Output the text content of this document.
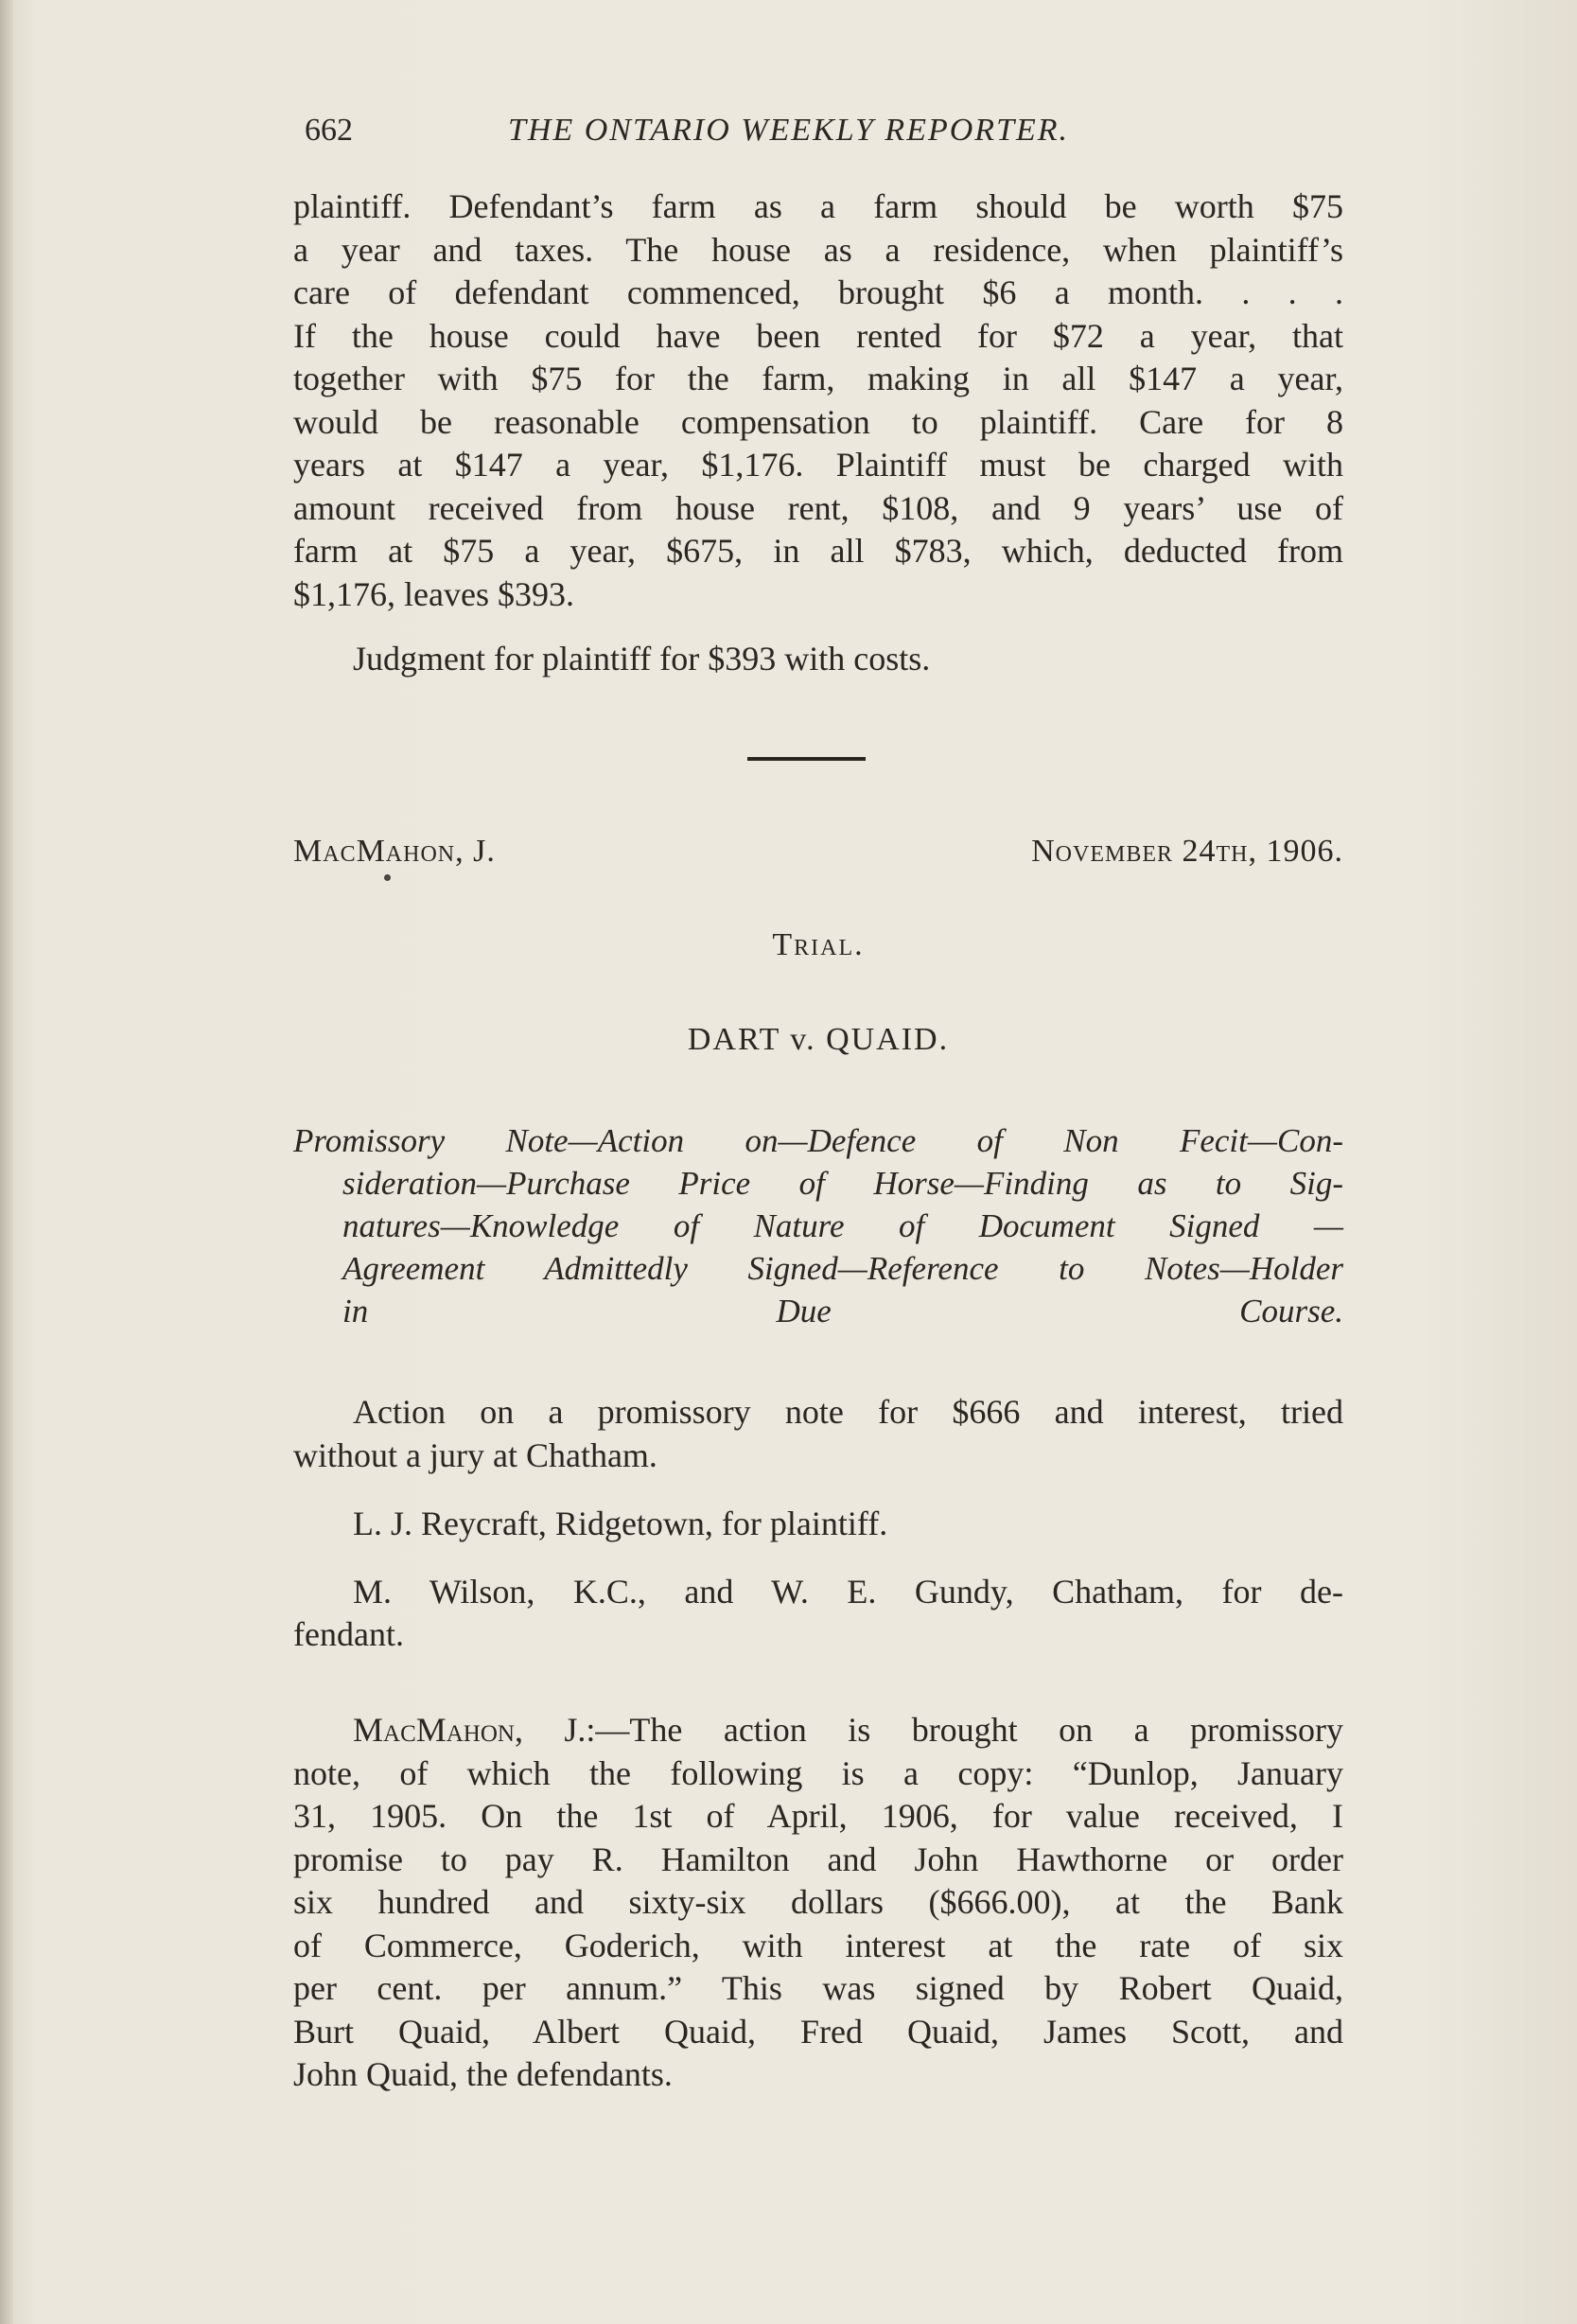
662	THE ONTARIO WEEKLY REPORTER.
plaintiff. Defendant’s farm as a farm should be worth $75
a year and taxes. The house as a residence, when plaintiff’s
care of defendant commenced, brought $6 a month. . . .
If the house could have been rented for $72 a year, that
together with $75 for the farm, making in all $147 a year,
would be reasonable compensation to plaintiff. Care for 8
years at $147 a year, $1,176. Plaintiff must be charged with
amount received from house rent, $108, and 9 years’ use of
farm at $75 a year, $675, in all $783, which, deducted from
$1,176, leaves $393.
Judgment for plaintiff for $393 with costs.
MacMahon, J.	November 24th, 1906.
Trial.
DART v. QUAID.
Promissory Note—Action on—Defence of Non Fecit—Con-
sideration—Purchase Price of Horse—Finding as to Sig-
natures—Knowledge of Nature of Document Signed —
Agreement Admittedly Signed—Reference to Notes—Holder
in Due Course.
Action on a promissory note for $666 and interest, tried
without a jury at Chatham.
L. J. Reycraft, Ridgetown, for plaintiff.
M. Wilson, K.C., and W. E. Gundy, Chatham, for de-
fendant.
MacMahon, J.:—The action is brought on a promissory
note, of which the following is a copy: “Dunlop, January
31, 1905. On the 1st of April, 1906, for value received, I
promise to pay R. Hamilton and John Hawthorne or order
six hundred and sixty-six dollars ($666.00), at the Bank
of Commerce, Goderich, with interest at the rate of six
per cent. per annum.” This was signed by Robert Quaid,
Burt Quaid, Albert Quaid, Fred Quaid, James Scott, and
John Quaid, the defendants.
